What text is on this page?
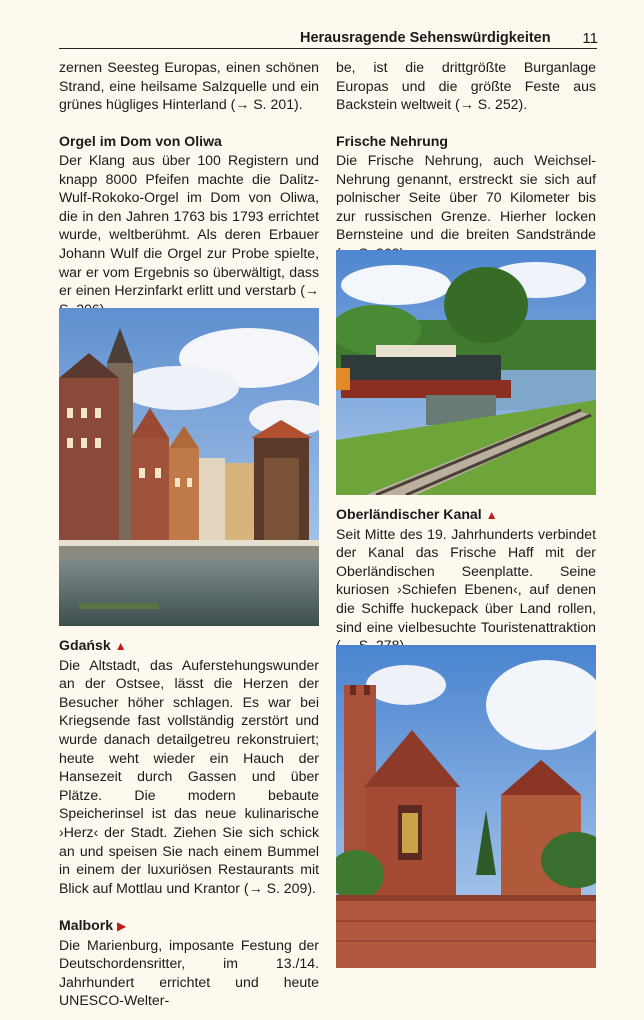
Herausragende Sehenswürdigkeiten	11

zernen Seesteg Europas, einen schönen Strand, eine heilsame Salzquelle und ein grünes hügliges Hinterland (→ S. 201).

Orgel im Dom von Oliwa

Der Klang aus über 100 Registern und knapp 8000 Pfeifen machte die Dalitz-Wulf-Rokoko-Orgel im Dom von Oliwa, die in den Jahren 1763 bis 1793 errichtet wurde, weltberühmt. Als deren Erbauer Johann Wulf die Orgel zur Probe spielte, war er vom Ergebnis so überwältigt, dass er einen Herzinfarkt erlitt und verstarb (→

Gdańsk ▲

Die Altstadt, das Auferstehungswunder an der Ostsee, lässt die Herzen der Besucher höher schlagen. Es war bei Kriegsende fast vollständig zerstört und wurde danach detailgetreu rekonstruiert; heute weht wieder ein Hauch der Hansezeit durch Gassen und über Plätze. Die modern bebaute Speicherinsel ist das neue kulinarische ›Herz‹ der Stadt. Ziehen Sie sich schick an und speisen Sie nach einem Bummel in einem der luxuriösen Restaurants mit Blick auf Mottlau und Krantor (→ S. 209).

Malbork ▶

Die Marienburg, imposante Festung der Deutschordensritter, im 13./14. Jahrhundert errichtet und heute UNESCO-Welter-

be, ist die drittgrößte Burganlage Europas und die größte Feste aus Backstein weltweit (→ S. 252).

Frische Nehrung

Die Frische Nehrung, auch Weichsel-Nehrung genannt, erstreckt sie sich auf polnischer Seite über 70 Kilometer bis zur russischen Grenze. Hierher locken Bernsteine und die breiten Sandstrände

Oberländischer Kanal ▲

Seit Mitte des 19. Jahrhunderts verbindet der Kanal das Frische Haff mit der Oberländischen Seenplatte. Seine kuriosen ›Schiefen Ebenen‹, auf denen die Schiffe huckepack über Land rollen, sind eine vielbesuchte Touristenattraktion
